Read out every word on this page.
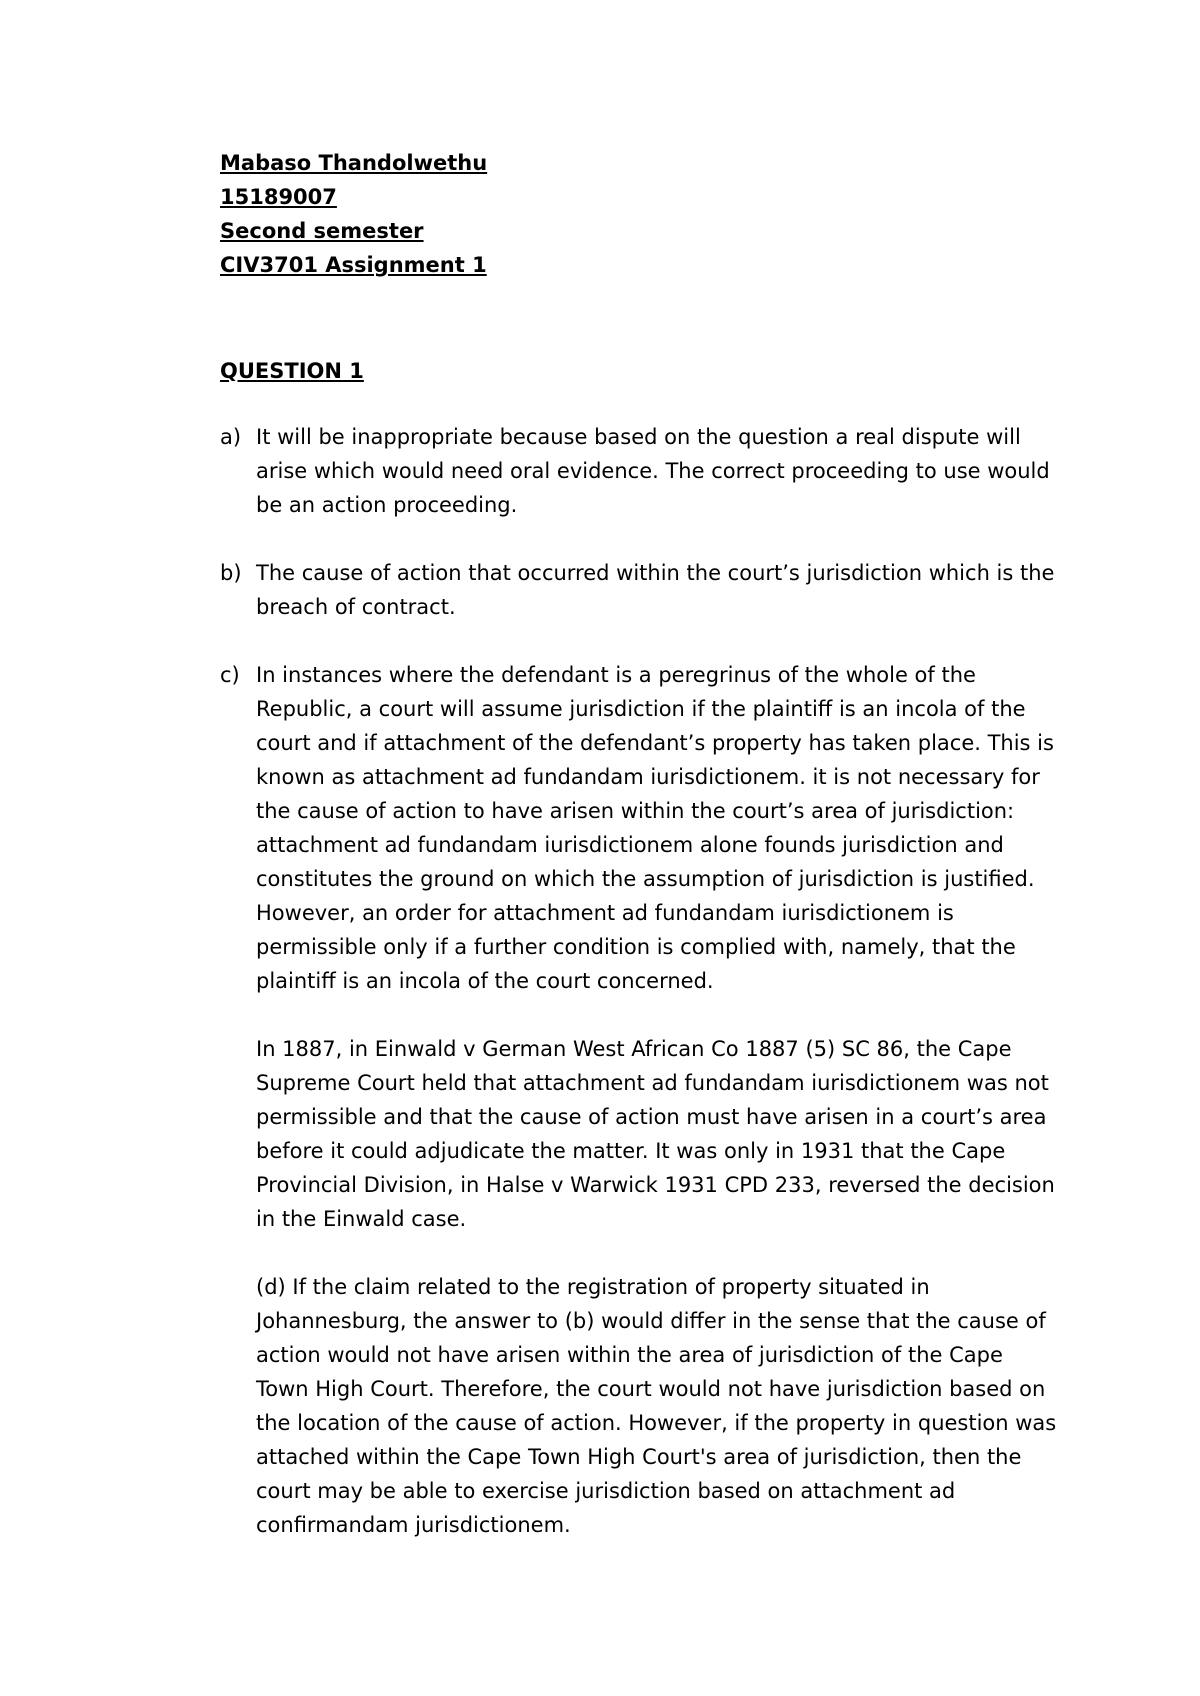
Mabaso Thandolwethu

15189007

Second semester

CIV3701 Assignment 1

QUESTION 1

a) It will be inappropriate because based on the question a real dispute will arise which would need oral evidence. The correct proceeding to use would be an action proceeding.
b) The cause of action that occurred within the court’s jurisdiction which is the breach of contract.
c) In instances where the defendant is a peregrinus of the whole of the Republic, a court will assume jurisdiction if the plaintiff is an incola of the court and if attachment of the defendant’s property has taken place. This is known as attachment ad fundandam iurisdictionem. it is not necessary for the cause of action to have arisen within the court’s area of jurisdiction: attachment ad fundandam iurisdictionem alone founds jurisdiction and constitutes the ground on which the assumption of jurisdiction is justified. However, an order for attachment ad fundandam iurisdictionem is permissible only if a further condition is complied with, namely, that the plaintiff is an incola of the court concerned.

In 1887, in Einwald v German West African Co 1887 (5) SC 86, the Cape Supreme Court held that attachment ad fundandam iurisdictionem was not permissible and that the cause of action must have arisen in a court’s area before it could adjudicate the matter. It was only in 1931 that the Cape Provincial Division, in Halse v Warwick 1931 CPD 233, reversed the decision in the Einwald case.

(d) If the claim related to the registration of property situated in Johannesburg, the answer to (b) would differ in the sense that the cause of action would not have arisen within the area of jurisdiction of the Cape Town High Court. Therefore, the court would not have jurisdiction based on the location of the cause of action. However, if the property in question was attached within the Cape Town High Court's area of jurisdiction, then the court may be able to exercise jurisdiction based on attachment ad confirmandam jurisdictionem.
